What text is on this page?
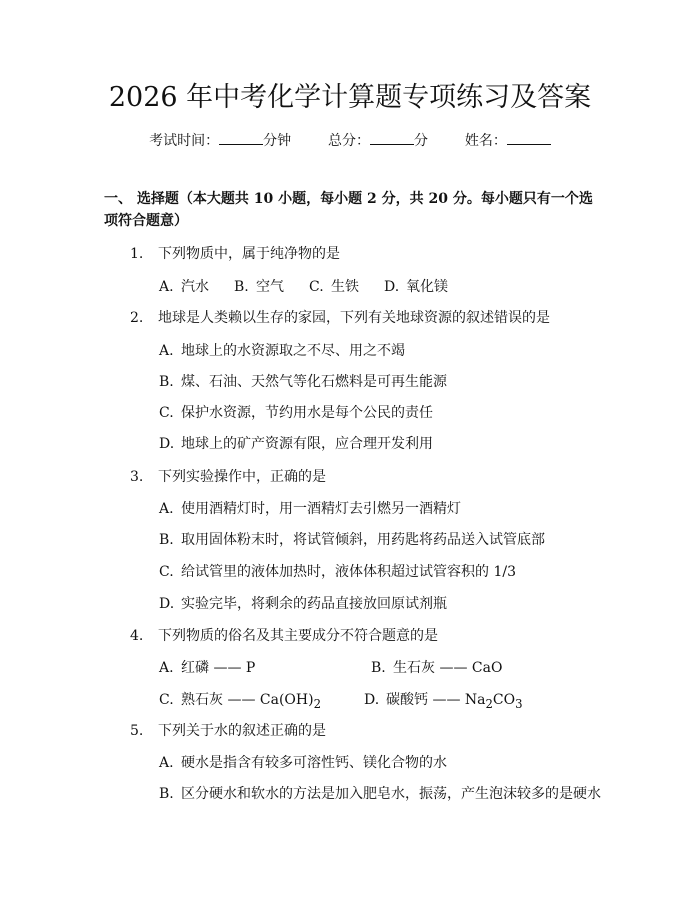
2026 年中考化学计算题专项练习及答案
考试时间：	分钟	总分：	分	姓名：
一、 选择题（本大题共 10 小题，每小题 2 分，共 20 分。每小题只有一个选项符合题意）
1. 下列物质中，属于纯净物的是
A. 汽水 B. 空气 C. 生铁 D. 氧化镁
2. 地球是人类赖以生存的家园，下列有关地球资源的叙述错误的是
A. 地球上的水资源取之不尽、用之不竭
B. 煤、石油、天然气等化石燃料是可再生能源
C. 保护水资源，节约用水是每个公民的责任
D. 地球上的矿产资源有限，应合理开发利用
3. 下列实验操作中，正确的是
A. 使用酒精灯时，用一酒精灯去引燃另一酒精灯
B. 取用固体粉末时，将试管倾斜，用药匙将药品送入试管底部
C. 给试管里的液体加热时，液体体积超过试管容积的 1/3
D. 实验完毕，将剩余的药品直接放回原试剂瓶
4. 下列物质的俗名及其主要成分不符合题意的是
A. 红磷 —— P	B. 生石灰 —— CaO
C. 熟石灰 —— $Ca(OH)_2$	D. 碳酸钙 —— $Na_2CO_3$
5. 下列关于水的叙述正确的是
A. 硬水是指含有较多可溶性钙、镁化合物的水
B. 区分硬水和软水的方法是加入肥皂水，振荡，产生泡沫较多的是硬水
